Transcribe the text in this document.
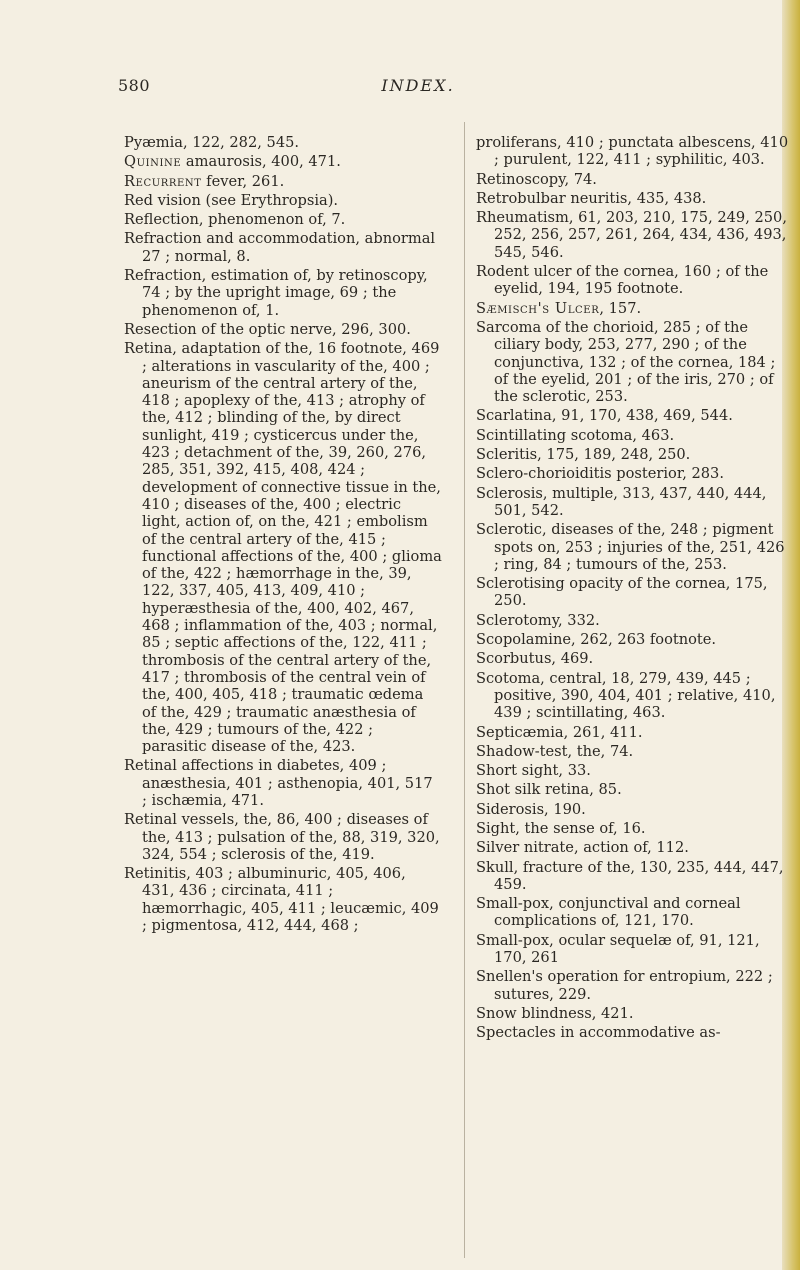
580	INDEX.
Pyæmia, 122, 282, 545.
Quinine amaurosis, 400, 471.
Recurrent fever, 261.
Red vision (see Erythropsia).
Reflection, phenomenon of, 7.
Refraction and accommodation, abnormal 27 ; normal, 8.
Refraction, estimation of, by retinoscopy, 74 ; by the upright image, 69 ; the phenomenon of, 1.
Resection of the optic nerve, 296, 300.
Retina, adaptation of the, 16 footnote, 469 ; alterations in vascularity of the, 400 ; aneurism of the central artery of the, 418 ; apoplexy of the, 413 ; atrophy of the, 412 ; blinding of the, by direct sunlight, 419 ; cysticercus under the, 423 ; detachment of the, 39, 260, 276, 285, 351, 392, 415, 408, 424 ; development of connective tissue in the, 410 ; diseases of the, 400 ; electric light, action of, on the, 421 ; embolism of the central artery of the, 415 ; functional affections of the, 400 ; glioma of the, 422 ; hæmorrhage in the, 39, 122, 337, 405, 413, 409, 410 ; hyperæsthesia of the, 400, 402, 467, 468 ; inflammation of the, 403 ; normal, 85 ; septic affections of the, 122, 411 ; thrombosis of the central artery of the, 417 ; thrombosis of the central vein of the, 400, 405, 418 ; traumatic œdema of the, 429 ; traumatic anæsthesia of the, 429 ; tumours of the, 422 ; parasitic disease of the, 423.
Retinal affections in diabetes, 409 ; anæsthesia, 401 ; asthenopia, 401, 517 ; ischæmia, 471.
Retinal vessels, the, 86, 400 ; diseases of the, 413 ; pulsation of the, 88, 319, 320, 324, 554 ; sclerosis of the, 419.
Retinitis, 403 ; albuminuric, 405, 406, 431, 436 ; circinata, 411 ; hæmorrhagic, 405, 411 ; leucæmic, 409 ; pigmentosa, 412, 444, 468 ;
proliferans, 410 ; punctata albescens, 410 ; purulent, 122, 411 ; syphilitic, 403.
Retinoscopy, 74.
Retrobulbar neuritis, 435, 438.
Rheumatism, 61, 203, 210, 175, 249, 250, 252, 256, 257, 261, 264, 434, 436, 493, 545, 546.
Rodent ulcer of the cornea, 160 ; of the eyelid, 194, 195 footnote.
Sæmisch's Ulcer, 157.
Sarcoma of the chorioid, 285 ; of the ciliary body, 253, 277, 290 ; of the conjunctiva, 132 ; of the cornea, 184 ; of the eyelid, 201 ; of the iris, 270 ; of the sclerotic, 253.
Scarlatina, 91, 170, 438, 469, 544.
Scintillating scotoma, 463.
Scleritis, 175, 189, 248, 250.
Sclero-chorioiditis posterior, 283.
Sclerosis, multiple, 313, 437, 440, 444, 501, 542.
Sclerotic, diseases of the, 248 ; pigment spots on, 253 ; injuries of the, 251, 426 ; ring, 84 ; tumours of the, 253.
Sclerotising opacity of the cornea, 175, 250.
Sclerotomy, 332.
Scopolamine, 262, 263 footnote.
Scorbutus, 469.
Scotoma, central, 18, 279, 439, 445 ; positive, 390, 404, 401 ; relative, 410, 439 ; scintillating, 463.
Septicæmia, 261, 411.
Shadow-test, the, 74.
Short sight, 33.
Shot silk retina, 85.
Siderosis, 190.
Sight, the sense of, 16.
Silver nitrate, action of, 112.
Skull, fracture of the, 130, 235, 444, 447, 459.
Small-pox, conjunctival and corneal complications of, 121, 170.
Small-pox, ocular sequelæ of, 91, 121, 170, 261
Snellen's operation for entropium, 222 ; sutures, 229.
Snow blindness, 421.
Spectacles in accommodative as-
